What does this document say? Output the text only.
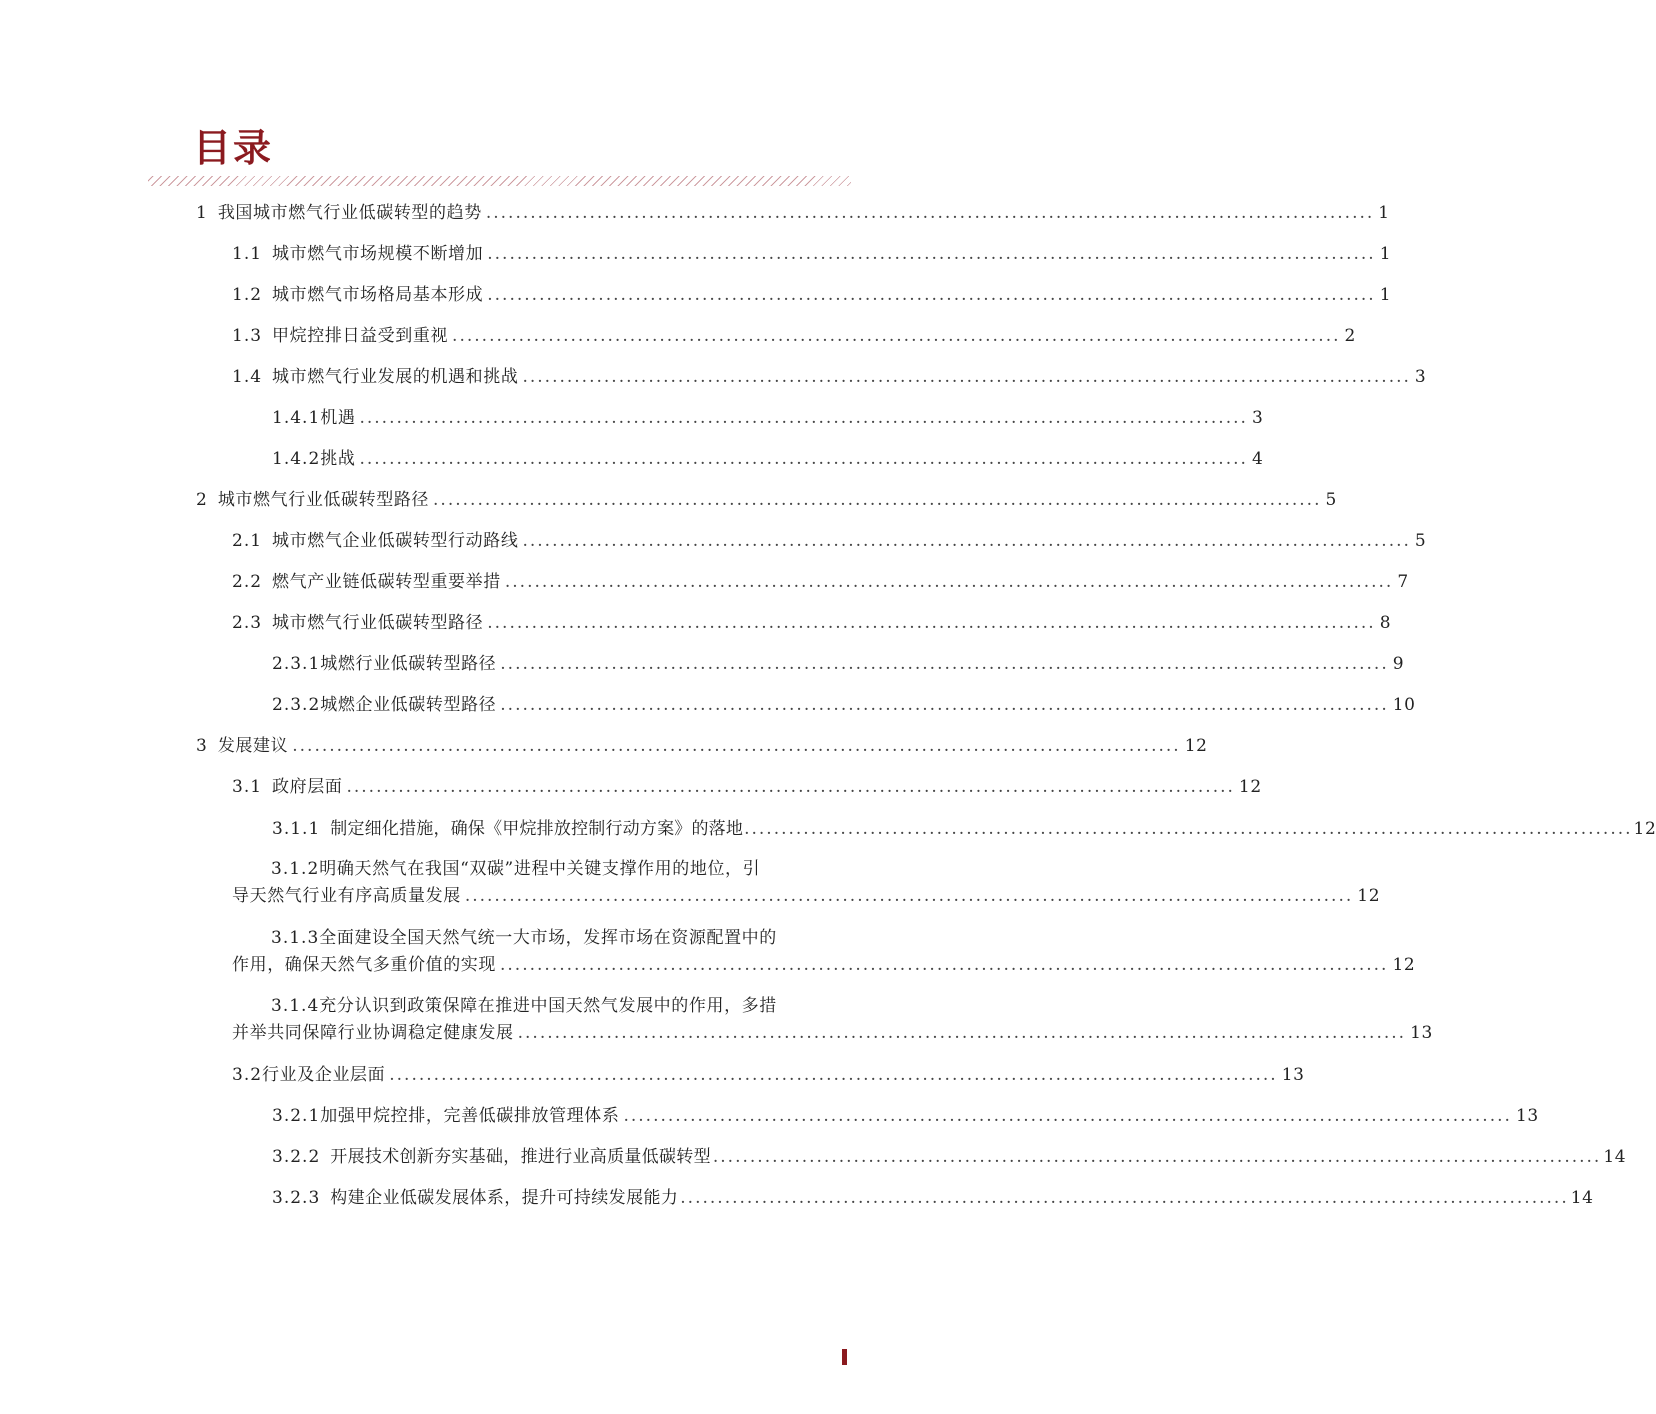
目录
1 我国城市燃气行业低碳转型的趋势 ........................................................................................................................ 1
1.1 城市燃气市场规模不断增加 ........................................................................................................................ 1
1.2 城市燃气市场格局基本形成 ........................................................................................................................ 1
1.3 甲烷控排日益受到重视 ........................................................................................................................ 2
1.4 城市燃气行业发展的机遇和挑战 ........................................................................................................................ 3
1.4.1 机遇 ........................................................................................................................ 3
1.4.2 挑战 ........................................................................................................................ 4
2 城市燃气行业低碳转型路径 ........................................................................................................................ 5
2.1 城市燃气企业低碳转型行动路线 ........................................................................................................................ 5
2.2 燃气产业链低碳转型重要举措 ........................................................................................................................ 7
2.3 城市燃气行业低碳转型路径 ........................................................................................................................ 8
2.3.1 城燃行业低碳转型路径 ........................................................................................................................ 9
2.3.2 城燃企业低碳转型路径 ........................................................................................................................ 10
3 发展建议 ........................................................................................................................ 12
3.1 政府层面 ........................................................................................................................ 12
3.1.1 制定细化措施，确保《甲烷排放控制行动方案》的落地 ........................................................................................................................ 12
3.1.2明确天然气在我国“双碳”进程中关键支撑作用的地位，引
导天然气行业有序高质量发展 ........................................................................................................................ 12
3.1.3全面建设全国天然气统一大市场，发挥市场在资源配置中的
作用，确保天然气多重价值的实现 ........................................................................................................................ 12
3.1.4充分认识到政策保障在推进中国天然气发展中的作用，多措
并举共同保障行业协调稳定健康发展 ........................................................................................................................ 13
3.2 行业及企业层面 ........................................................................................................................ 13
3.2.1 加强甲烷控排，完善低碳排放管理体系 ........................................................................................................................ 13
3.2.2 开展技术创新夯实基础，推进行业高质量低碳转型 ........................................................................................................................ 14
3.2.3 构建企业低碳发展体系，提升可持续发展能力 ........................................................................................................................ 14
